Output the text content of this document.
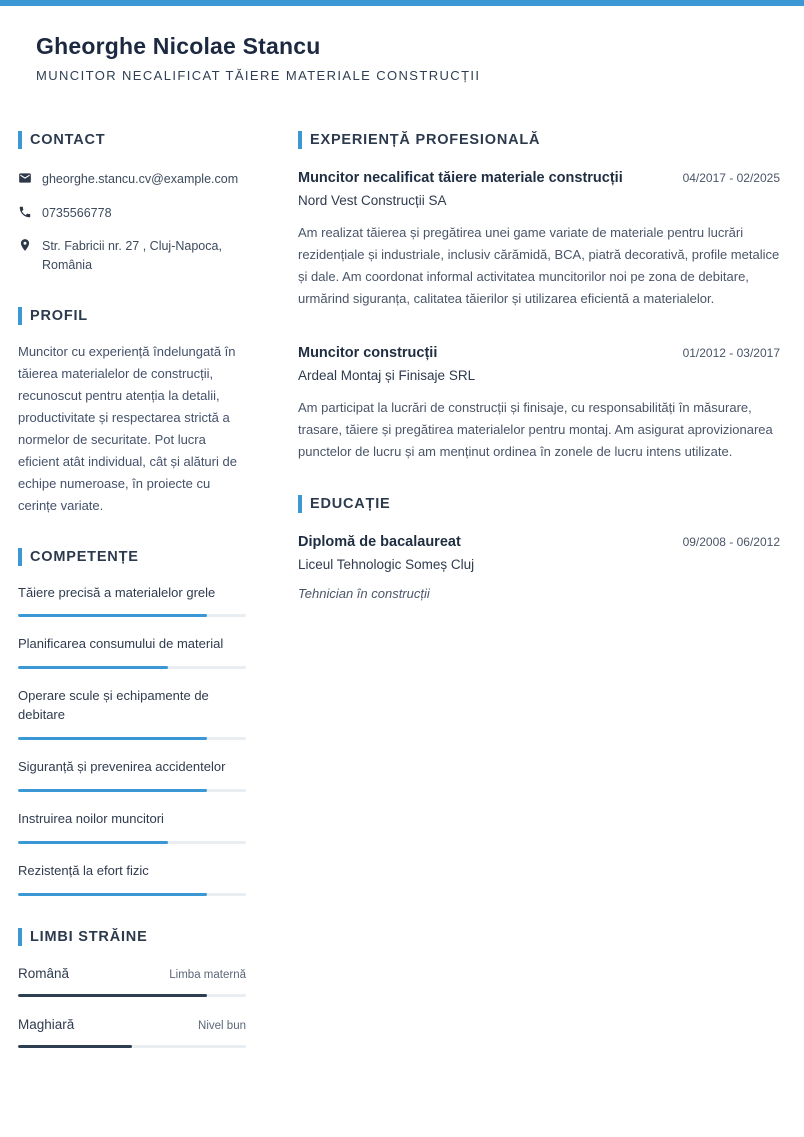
Gheorghe Nicolae Stancu
MUNCITOR NECALIFICAT TĂIERE MATERIALE CONSTRUCȚII
CONTACT
gheorghe.stancu.cv@example.com
0735566778
Str. Fabricii nr. 27 , Cluj-Napoca, România
PROFIL

Muncitor cu experiență îndelungată în tăierea materialelor de construcții, recunoscut pentru atenția la detalii, productivitate și respectarea strictă a normelor de securitate. Pot lucra eficient atât individual, cât și alături de echipe numeroase, în proiecte cu cerințe variate.

COMPETENȚE
Tăiere precisă a materialelor grele
Planificarea consumului de material
Operare scule și echipamente de debitare
Siguranță și prevenirea accidentelor
Instruirea noilor muncitori
Rezistență la efort fizic
LIMBI STRĂINE
Română	Limba maternă
Maghiară	Nivel bun
EXPERIENȚĂ PROFESIONALĂ
Muncitor necalificat tăiere materiale construcții	04/2017 - 02/2025
Nord Vest Construcții SA

Am realizat tăierea și pregătirea unei game variate de materiale pentru lucrări rezidențiale și industriale, inclusiv cărămidă, BCA, piatră decorativă, profile metalice și dale. Am coordonat informal activitatea muncitorilor noi pe zona de debitare, urmărind siguranța, calitatea tăierilor și utilizarea eficientă a materialelor.

Muncitor construcții	01/2012 - 03/2017
Ardeal Montaj și Finisaje SRL

Am participat la lucrări de construcții și finisaje, cu responsabilități în măsurare, trasare, tăiere și pregătirea materialelor pentru montaj. Am asigurat aprovizionarea punctelor de lucru și am menținut ordinea în zonele de lucru intens utilizate.

EDUCAȚIE
Diplomă de bacalaureat	09/2008 - 06/2012
Liceul Tehnologic Someș Cluj
Tehnician în construcții
